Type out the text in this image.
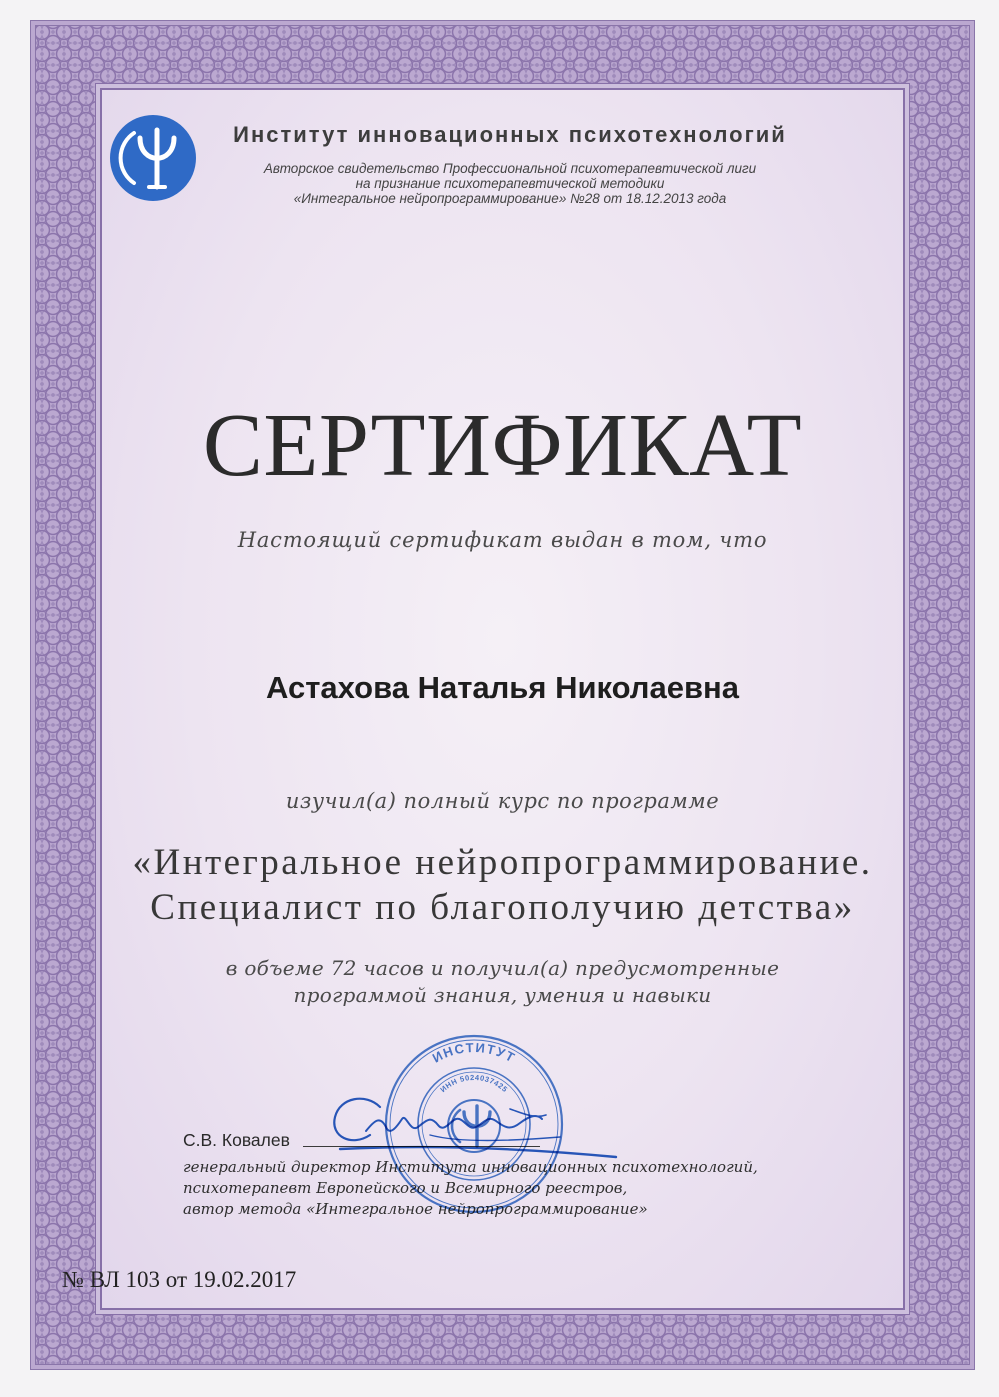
Институт инновационных психотехнологий
Авторское свидетельство Профессиональной психотерапевтической лиги
на признание психотерапевтической методики
«Интегральное нейропрограммирование» №28 от 18.12.2013 года
СЕРТИФИКАТ
Настоящий сертификат выдан в том, что
Астахова Наталья Николаевна
изучил(а) полный курс по программе
«Интегральное нейропрограммирование.
Специалист по благополучию детства»
в объеме 72 часов и получил(а) предусмотренные
программой знания, умения и навыки
С.В. Ковалев
генеральный директор Института инновационных психотехнологий,
психотерапевт Европейского и Всемирного реестров,
автор метода «Интегральное нейропрограммирование»
№ ВЛ 103 от 19.02.2017
ИНСТИТУТ
ИНН 5024037425
